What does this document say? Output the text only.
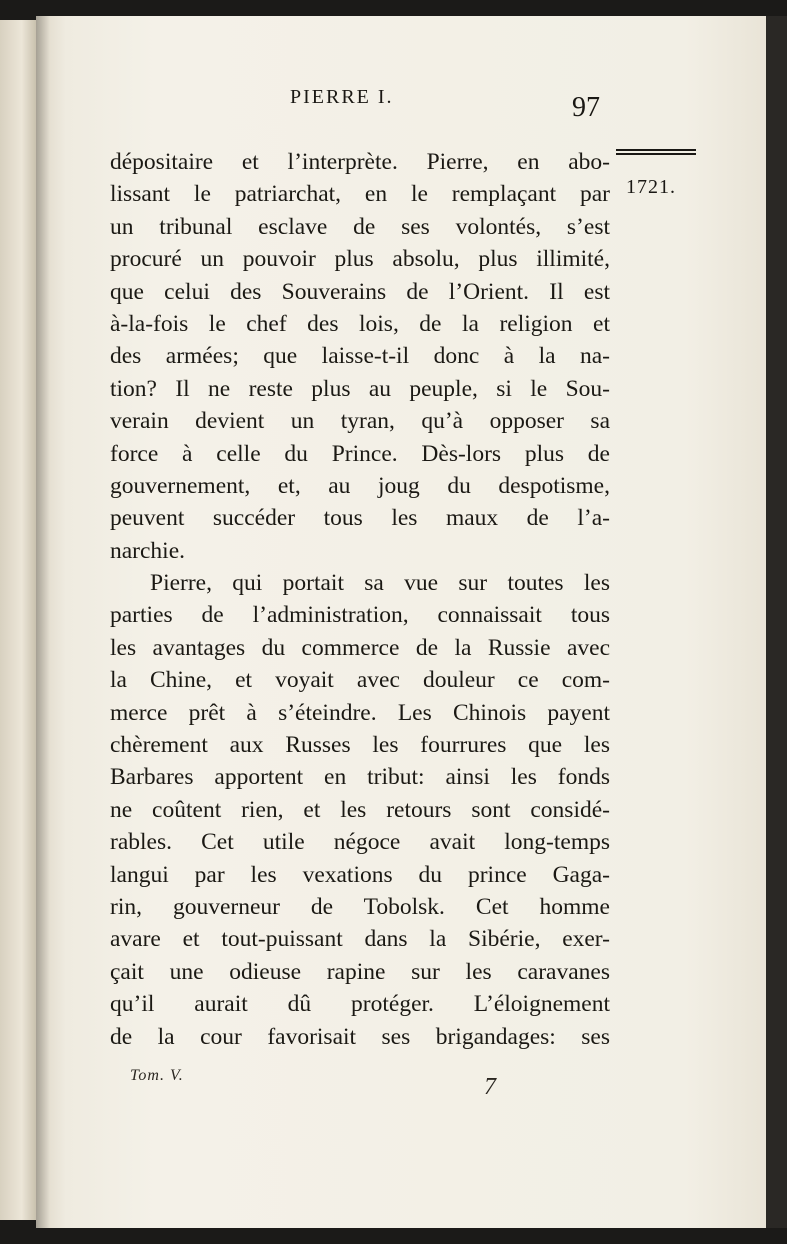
PIERRE I.	97
1721.
dépositaire et l’interprète. Pierre, en abo-
lissant le patriarchat, en le remplaçant par
un tribunal esclave de ses volontés, s’est
procuré un pouvoir plus absolu, plus illimité,
que celui des Souverains de l’Orient. Il est
à-la-fois le chef des lois, de la religion et
des armées; que laisse-t-il donc à la na-
tion? Il ne reste plus au peuple, si le Sou-
verain devient un tyran, qu’à opposer sa
force à celle du Prince. Dès-lors plus de
gouvernement, et, au joug du despotisme,
peuvent succéder tous les maux de l’a-
narchie.
Pierre, qui portait sa vue sur toutes les
parties de l’administration, connaissait tous
les avantages du commerce de la Russie avec
la Chine, et voyait avec douleur ce com-
merce prêt à s’éteindre. Les Chinois payent
chèrement aux Russes les fourrures que les
Barbares apportent en tribut: ainsi les fonds
ne coûtent rien, et les retours sont considé-
rables. Cet utile négoce avait long-temps
langui par les vexations du prince Gaga-
rin, gouverneur de Tobolsk. Cet homme
avare et tout-puissant dans la Sibérie, exer-
çait une odieuse rapine sur les caravanes
qu’il aurait dû protéger. L’éloignement
de la cour favorisait ses brigandages: ses
Tom. V.	7
